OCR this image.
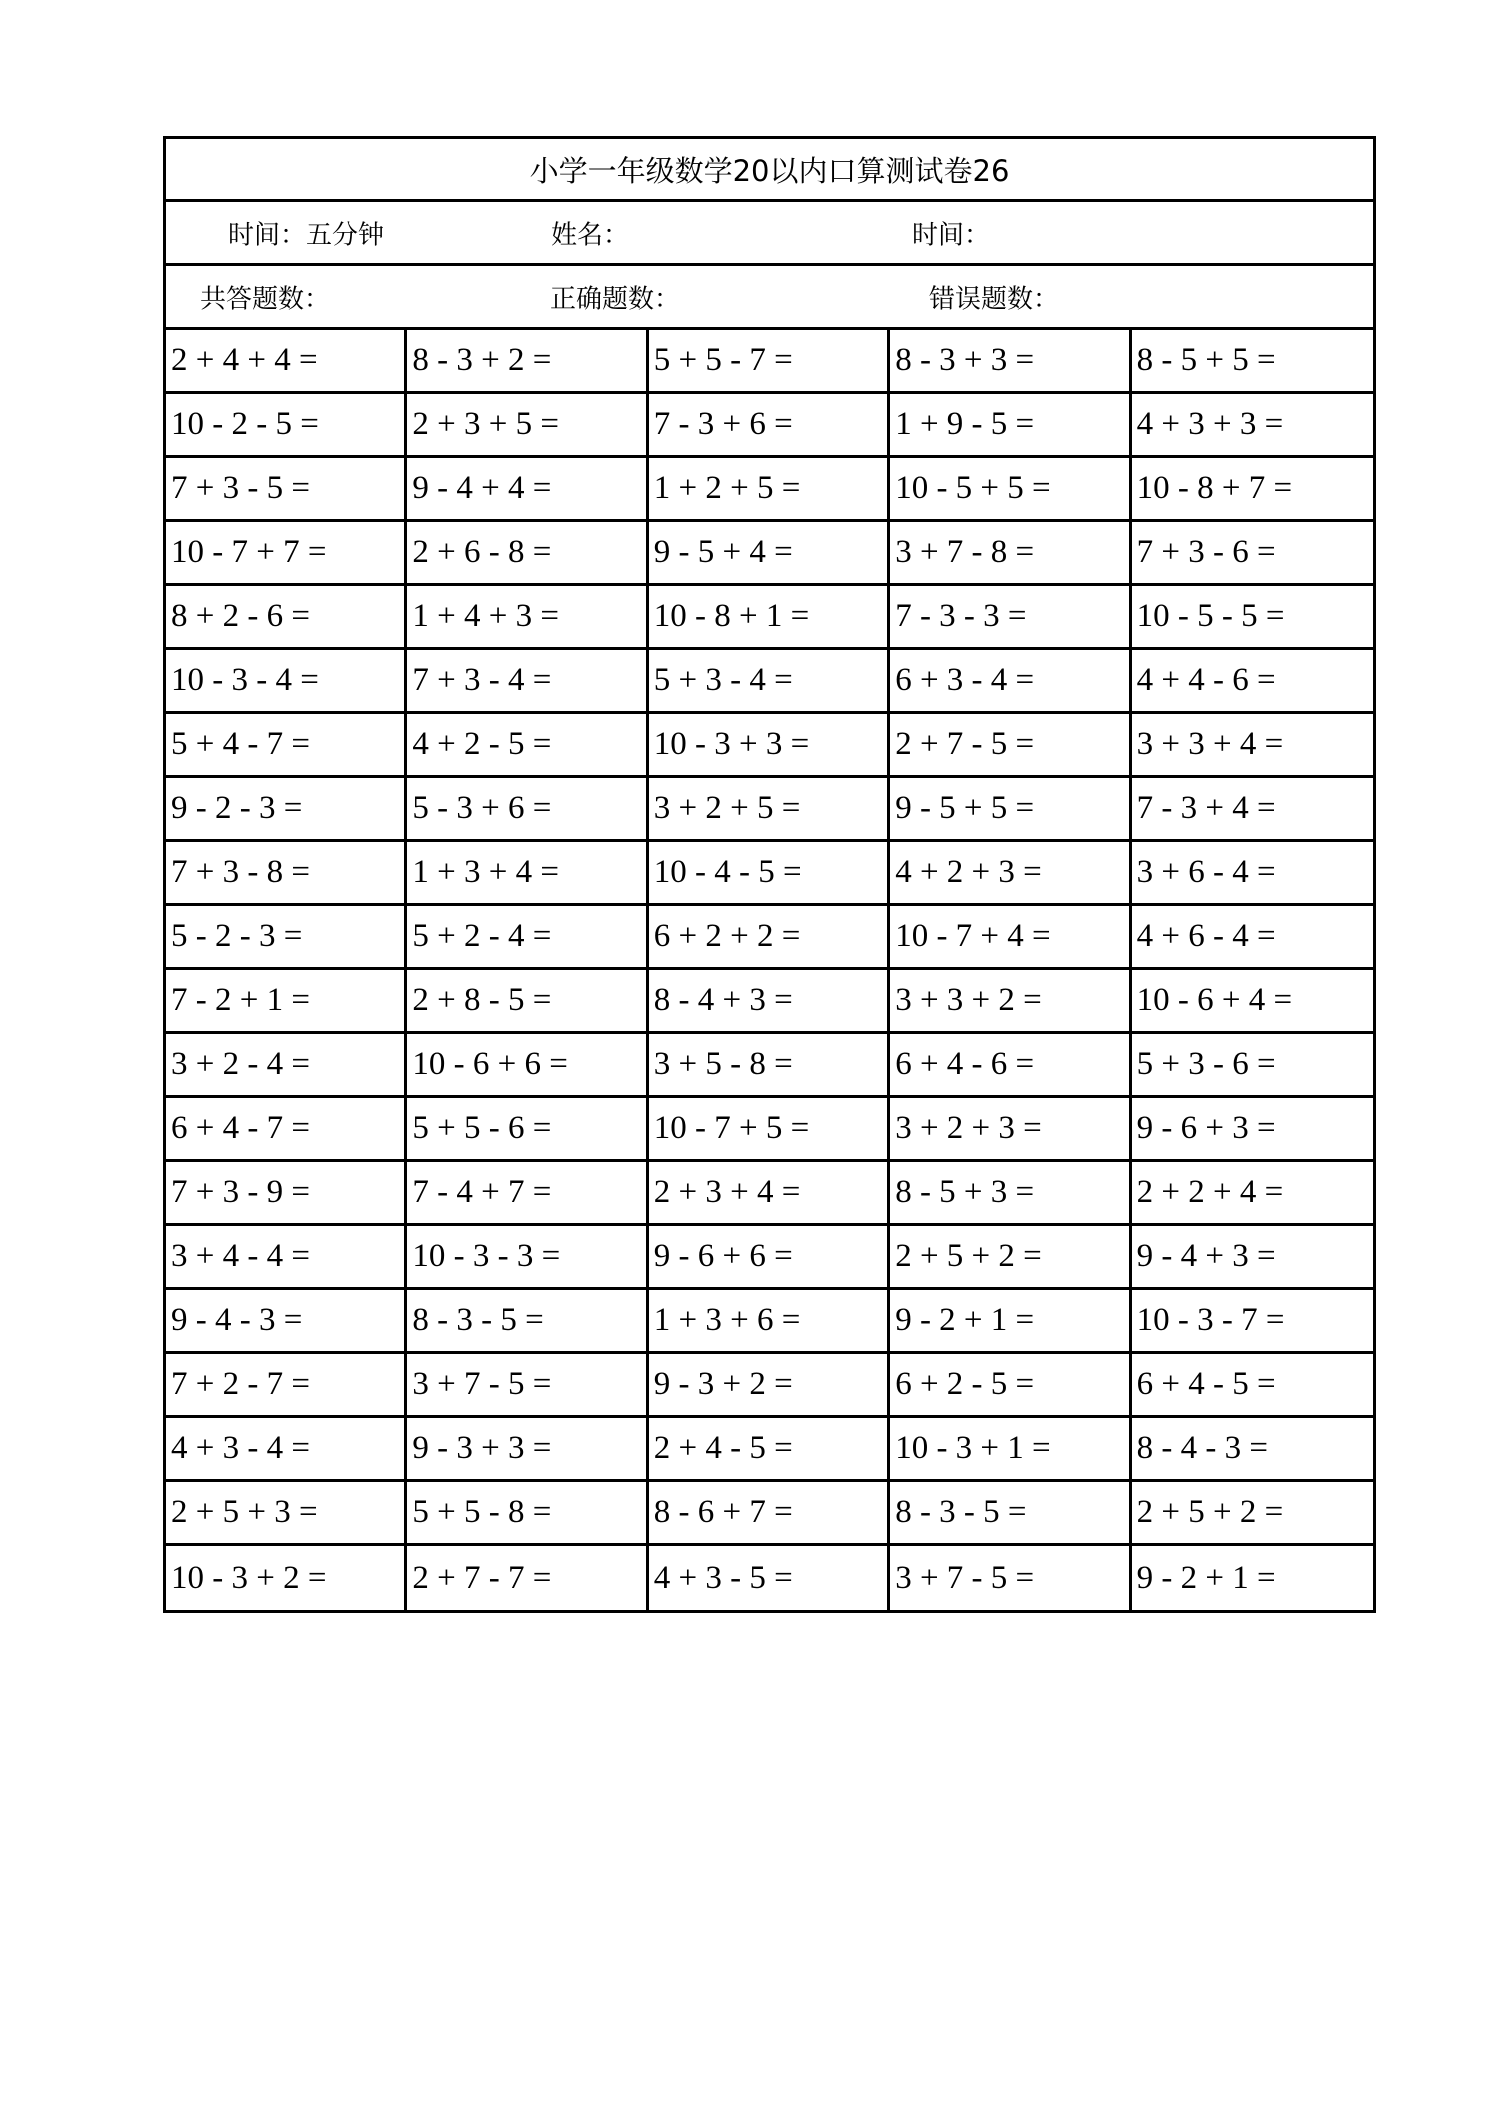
小学一年级数学20以内口算测试卷26
时间：五分钟	姓名：	时间：
共答题数：	正确题数：	错误题数：
2 + 4 + 4 =	8 - 3 + 2 =	5 + 5 - 7 =	8 - 3 + 3 =	8 - 5 + 5 =
10 - 2 - 5 =	2 + 3 + 5 =	7 - 3 + 6 =	1 + 9 - 5 =	4 + 3 + 3 =
7 + 3 - 5 =	9 - 4 + 4 =	1 + 2 + 5 =	10 - 5 + 5 =	10 - 8 + 7 =
10 - 7 + 7 =	2 + 6 - 8 =	9 - 5 + 4 =	3 + 7 - 8 =	7 + 3 - 6 =
8 + 2 - 6 =	1 + 4 + 3 =	10 - 8 + 1 =	7 - 3 - 3 =	10 - 5 - 5 =
10 - 3 - 4 =	7 + 3 - 4 =	5 + 3 - 4 =	6 + 3 - 4 =	4 + 4 - 6 =
5 + 4 - 7 =	4 + 2 - 5 =	10 - 3 + 3 =	2 + 7 - 5 =	3 + 3 + 4 =
9 - 2 - 3 =	5 - 3 + 6 =	3 + 2 + 5 =	9 - 5 + 5 =	7 - 3 + 4 =
7 + 3 - 8 =	1 + 3 + 4 =	10 - 4 - 5 =	4 + 2 + 3 =	3 + 6 - 4 =
5 - 2 - 3 =	5 + 2 - 4 =	6 + 2 + 2 =	10 - 7 + 4 =	4 + 6 - 4 =
7 - 2 + 1 =	2 + 8 - 5 =	8 - 4 + 3 =	3 + 3 + 2 =	10 - 6 + 4 =
3 + 2 - 4 =	10 - 6 + 6 =	3 + 5 - 8 =	6 + 4 - 6 =	5 + 3 - 6 =
6 + 4 - 7 =	5 + 5 - 6 =	10 - 7 + 5 =	3 + 2 + 3 =	9 - 6 + 3 =
7 + 3 - 9 =	7 - 4 + 7 =	2 + 3 + 4 =	8 - 5 + 3 =	2 + 2 + 4 =
3 + 4 - 4 =	10 - 3 - 3 =	9 - 6 + 6 =	2 + 5 + 2 =	9 - 4 + 3 =
9 - 4 - 3 =	8 - 3 - 5 =	1 + 3 + 6 =	9 - 2 + 1 =	10 - 3 - 7 =
7 + 2 - 7 =	3 + 7 - 5 =	9 - 3 + 2 =	6 + 2 - 5 =	6 + 4 - 5 =
4 + 3 - 4 =	9 - 3 + 3 =	2 + 4 - 5 =	10 - 3 + 1 =	8 - 4 - 3 =
2 + 5 + 3 =	5 + 5 - 8 =	8 - 6 + 7 =	8 - 3 - 5 =	2 + 5 + 2 =
10 - 3 + 2 =	2 + 7 - 7 =	4 + 3 - 5 =	3 + 7 - 5 =	9 - 2 + 1 =
